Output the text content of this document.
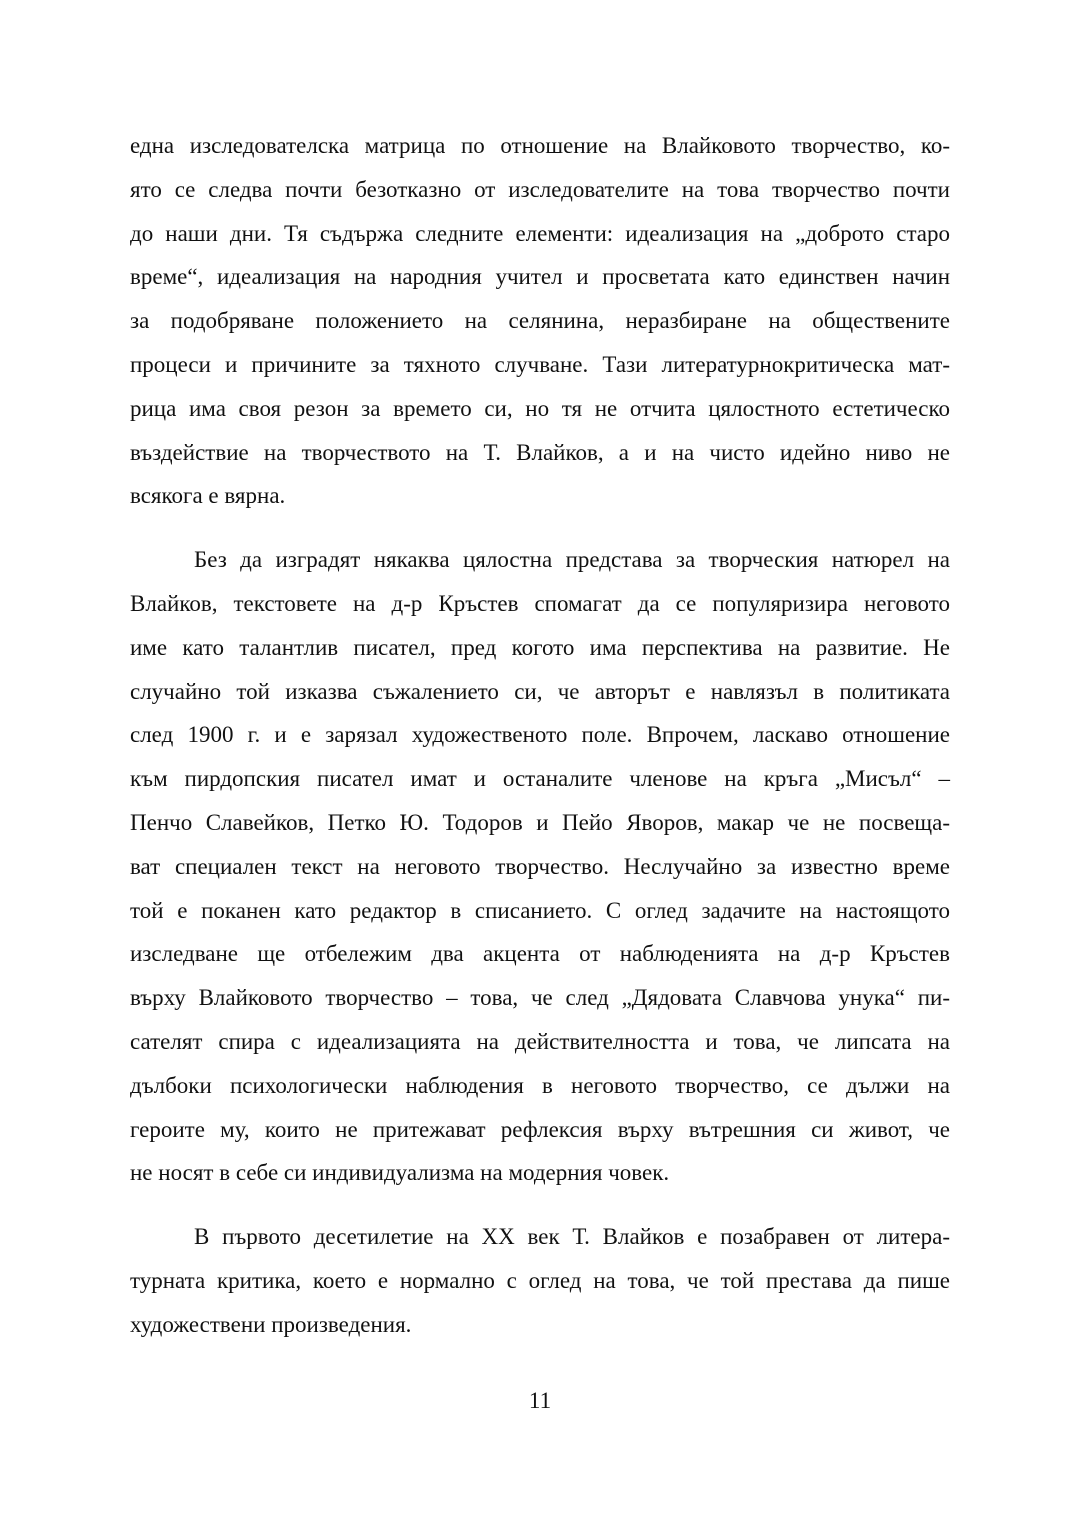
една изследователска матрица по отношение на Влайковото творчество, ко-
ято се следва почти безотказно от изследователите на това творчество почти
до наши дни. Тя съдържа следните елементи: идеализация на „доброто старо
време“, идеализация на народния учител и просветата като единствен начин
за подобряване положението на селянина, неразбиране на обществените
процеси и причините за тяхното случване. Тази литературнокритическа мат-
рица има своя резон за времето си, но тя не отчита цялостното естетическо
въздействие на творчеството на Т. Влайков, а и на чисто идейно ниво не
всякога е вярна.
Без да изградят някаква цялостна представа за творческия натюрел на
Влайков, текстовете на д-р Кръстев спомагат да се популяризира неговото
име като талантлив писател, пред когото има перспектива на развитие. Не
случайно той изказва съжалението си, че авторът е навлязъл в политиката
след 1900 г. и е зарязал художественото поле. Впрочем, ласкаво отношение
към пирдопския писател имат и останалите членове на кръга „Мисъл“ –
Пенчо Славейков, Петко Ю. Тодоров и Пейо Яворов, макар че не посвеща-
ват специален текст на неговото творчество. Неслучайно за известно време
той е поканен като редактор в списанието. С оглед задачите на настоящото
изследване ще отбележим два акцента от наблюденията на д-р Кръстев
върху Влайковото творчество – това, че след „Дядовата Славчова унука“ пи-
сателят спира с идеализацията на действителността и това, че липсата на
дълбоки психологически наблюдения в неговото творчество, се дължи на
героите му, които не притежават рефлексия върху вътрешния си живот, че
не носят в себе си индивидуализма на модерния човек.
В първото десетилетие на XX век Т. Влайков е позабравен от литера-
турната критика, което е нормално с оглед на това, че той престава да пише
художествени произведения.
11
